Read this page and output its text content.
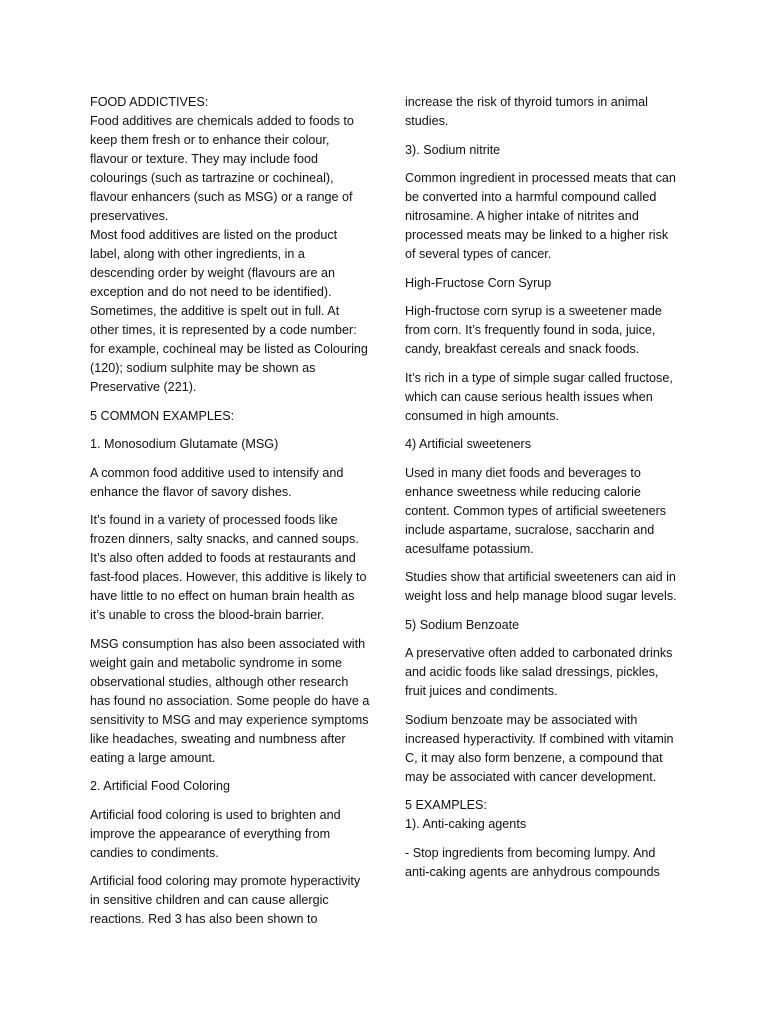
FOOD ADDICTIVES:
Food additives are chemicals added to foods to keep them fresh or to enhance their colour, flavour or texture. They may include food colourings (such as tartrazine or cochineal), flavour enhancers (such as MSG) or a range of preservatives.
Most food additives are listed on the product label, along with other ingredients, in a descending order by weight (flavours are an exception and do not need to be identified). Sometimes, the additive is spelt out in full. At other times, it is represented by a code number: for example, cochineal may be listed as Colouring (120); sodium sulphite may be shown as Preservative (221).

5 COMMON EXAMPLES:

1. Monosodium Glutamate (MSG)

A common food additive used to intensify and enhance the flavor of savory dishes.

It’s found in a variety of processed foods like frozen dinners, salty snacks, and canned soups. It’s also often added to foods at restaurants and fast-food places. However, this additive is likely to have little to no effect on human brain health as it’s unable to cross the blood-brain barrier.

MSG consumption has also been associated with weight gain and metabolic syndrome in some observational studies, although other research has found no association. Some people do have a sensitivity to MSG and may experience symptoms like headaches, sweating and numbness after eating a large amount.

2. Artificial Food Coloring

Artificial food coloring is used to brighten and improve the appearance of everything from candies to condiments.

Artificial food coloring may promote hyperactivity in sensitive children and can cause allergic reactions. Red 3 has also been shown to

increase the risk of thyroid tumors in animal studies.

3). Sodium nitrite

Common ingredient in processed meats that can be converted into a harmful compound called nitrosamine. A higher intake of nitrites and processed meats may be linked to a higher risk of several types of cancer.

High-Fructose Corn Syrup

High-fructose corn syrup is a sweetener made from corn. It’s frequently found in soda, juice, candy, breakfast cereals and snack foods.

It’s rich in a type of simple sugar called fructose, which can cause serious health issues when consumed in high amounts.

4) Artificial sweeteners

Used in many diet foods and beverages to enhance sweetness while reducing calorie content. Common types of artificial sweeteners include aspartame, sucralose, saccharin and acesulfame potassium.

Studies show that artificial sweeteners can aid in weight loss and help manage blood sugar levels.

5) Sodium Benzoate

A preservative often added to carbonated drinks and acidic foods like salad dressings, pickles, fruit juices and condiments.

Sodium benzoate may be associated with increased hyperactivity. If combined with vitamin C, it may also form benzene, a compound that may be associated with cancer development.

5 EXAMPLES:

1). Anti-caking agents

- Stop ingredients from becoming lumpy. And anti-caking agents are anhydrous compounds
